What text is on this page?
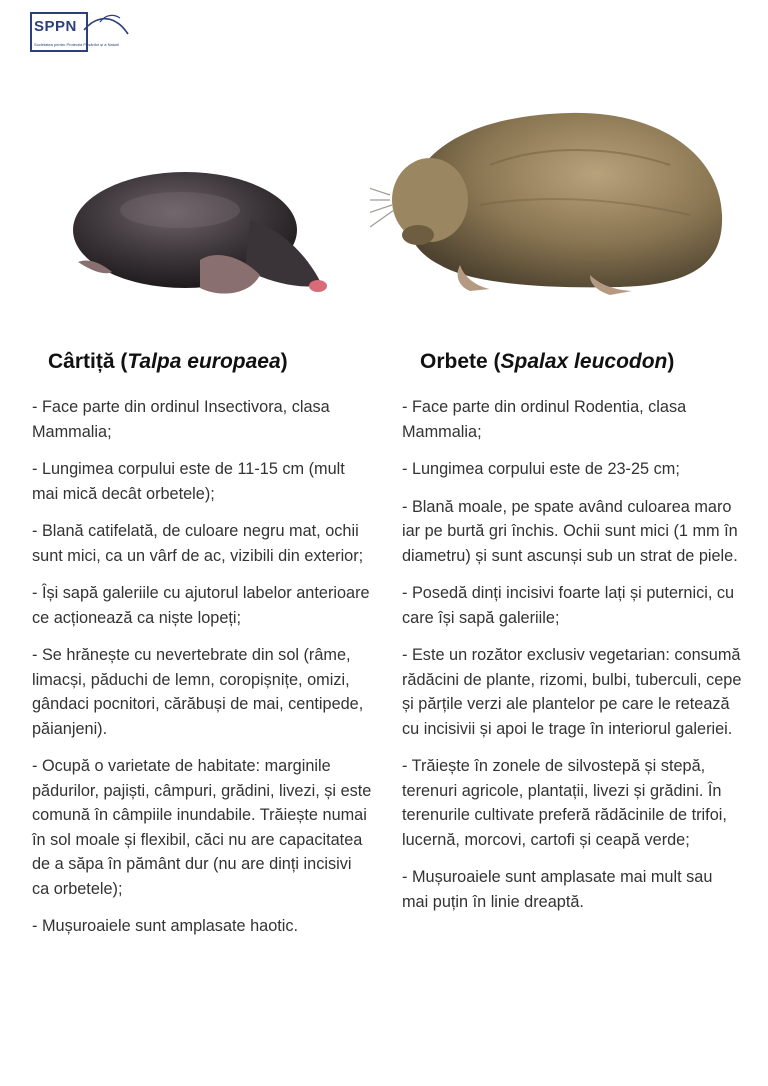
SPPN
Societatea pentru Protecția Păsărilor și a Naturii
Cârtiță (Talpa europaea)

- Face parte din ordinul Insectivora, clasa Mammalia;

- Lungimea corpului este de 11-15 cm (mult mai mică decât orbetele);

- Blană catifelată, de culoare negru mat, ochii sunt mici, ca un vârf de ac, vizibili din exterior;

- Își sapă galeriile cu ajutorul labelor anterioare ce acționează ca niște lopeți;

- Se hrănește cu nevertebrate din sol (râme, limacși, păduchi de lemn, coropișnițe, omizi, gândaci pocnitori, cărăbuși de mai, centipede, păianjeni).

- Ocupă o varietate de habitate: marginile pădurilor, pajiști, câmpuri, grădini, livezi, și este comună în câmpiile inundabile. Trăiește numai în sol moale și flexibil, căci nu are capacitatea de a săpa în pământ dur (nu are dinți incisivi ca orbetele);

- Mușuroaiele sunt amplasate haotic.

Orbete (Spalax leucodon)

- Face parte din ordinul Rodentia, clasa Mammalia;

- Lungimea corpului este de 23-25 cm;

- Blană moale, pe spate având culoarea maro iar pe burtă gri închis. Ochii sunt mici (1 mm în diametru) și sunt ascunși sub un strat de piele.

- Posedă dinți incisivi foarte lați și puternici, cu care își sapă galeriile;

- Este un rozător exclusiv vegetarian: consumă rădăcini de plante, rizomi, bulbi, tuberculi, cepe și părțile verzi ale plantelor pe care le retează cu incisivii și apoi le trage în interiorul galeriei.

- Trăiește în zonele de silvostepă și stepă, terenuri agricole, plantații, livezi și grădini. În terenurile cultivate preferă rădăcinile de trifoi, lucernă, morcovi, cartofi și ceapă verde;

- Mușuroaiele sunt amplasate mai mult sau mai puțin în linie dreaptă.
